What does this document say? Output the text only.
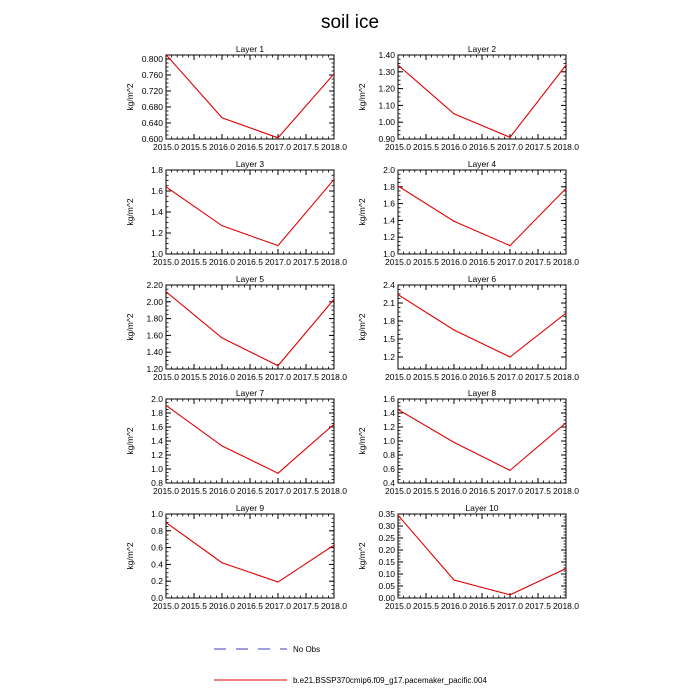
soil ice
Layer 1
kg/m^2
2015.0 2015.5 2016.0 2016.5 2017.0 2017.5 2018.0
0.600
0.640
0.680
0.720
0.760
0.800
Layer 2
kg/m^2
2015.0 2015.5 2016.0 2016.5 2017.0 2017.5 2018.0
0.90
1.00
1.10
1.20
1.30
1.40
Layer 3
kg/m^2
2015.0 2015.5 2016.0 2016.5 2017.0 2017.5 2018.0
1.0
1.2
1.4
1.6
1.8
Layer 4
kg/m^2
2015.0 2015.5 2016.0 2016.5 2017.0 2017.5 2018.0
1.0
1.2
1.4
1.6
1.8
2.0
Layer 5
kg/m^2
2015.0 2015.5 2016.0 2016.5 2017.0 2017.5 2018.0
1.20
1.40
1.60
1.80
2.00
2.20
Layer 6
kg/m^2
2015.0 2015.5 2016.0 2016.5 2017.0 2017.5 2018.0
1.2
1.5
1.8
2.1
2.4
Layer 7
kg/m^2
2015.0 2015.5 2016.0 2016.5 2017.0 2017.5 2018.0
0.8
1.0
1.2
1.4
1.6
1.8
2.0
Layer 8
kg/m^2
2015.0 2015.5 2016.0 2016.5 2017.0 2017.5 2018.0
0.4
0.6
0.8
1.0
1.2
1.4
1.6
Layer 9
kg/m^2
2015.0 2015.5 2016.0 2016.5 2017.0 2017.5 2018.0
0.0
0.2
0.4
0.6
0.8
1.0
Layer 10
kg/m^2
2015.0 2015.5 2016.0 2016.5 2017.0 2017.5 2018.0
0.00
0.05
0.10
0.15
0.20
0.25
0.30
0.35
No Obs
b.e21.BSSP370cmip6.f09_g17.pacemaker_pacific.004
